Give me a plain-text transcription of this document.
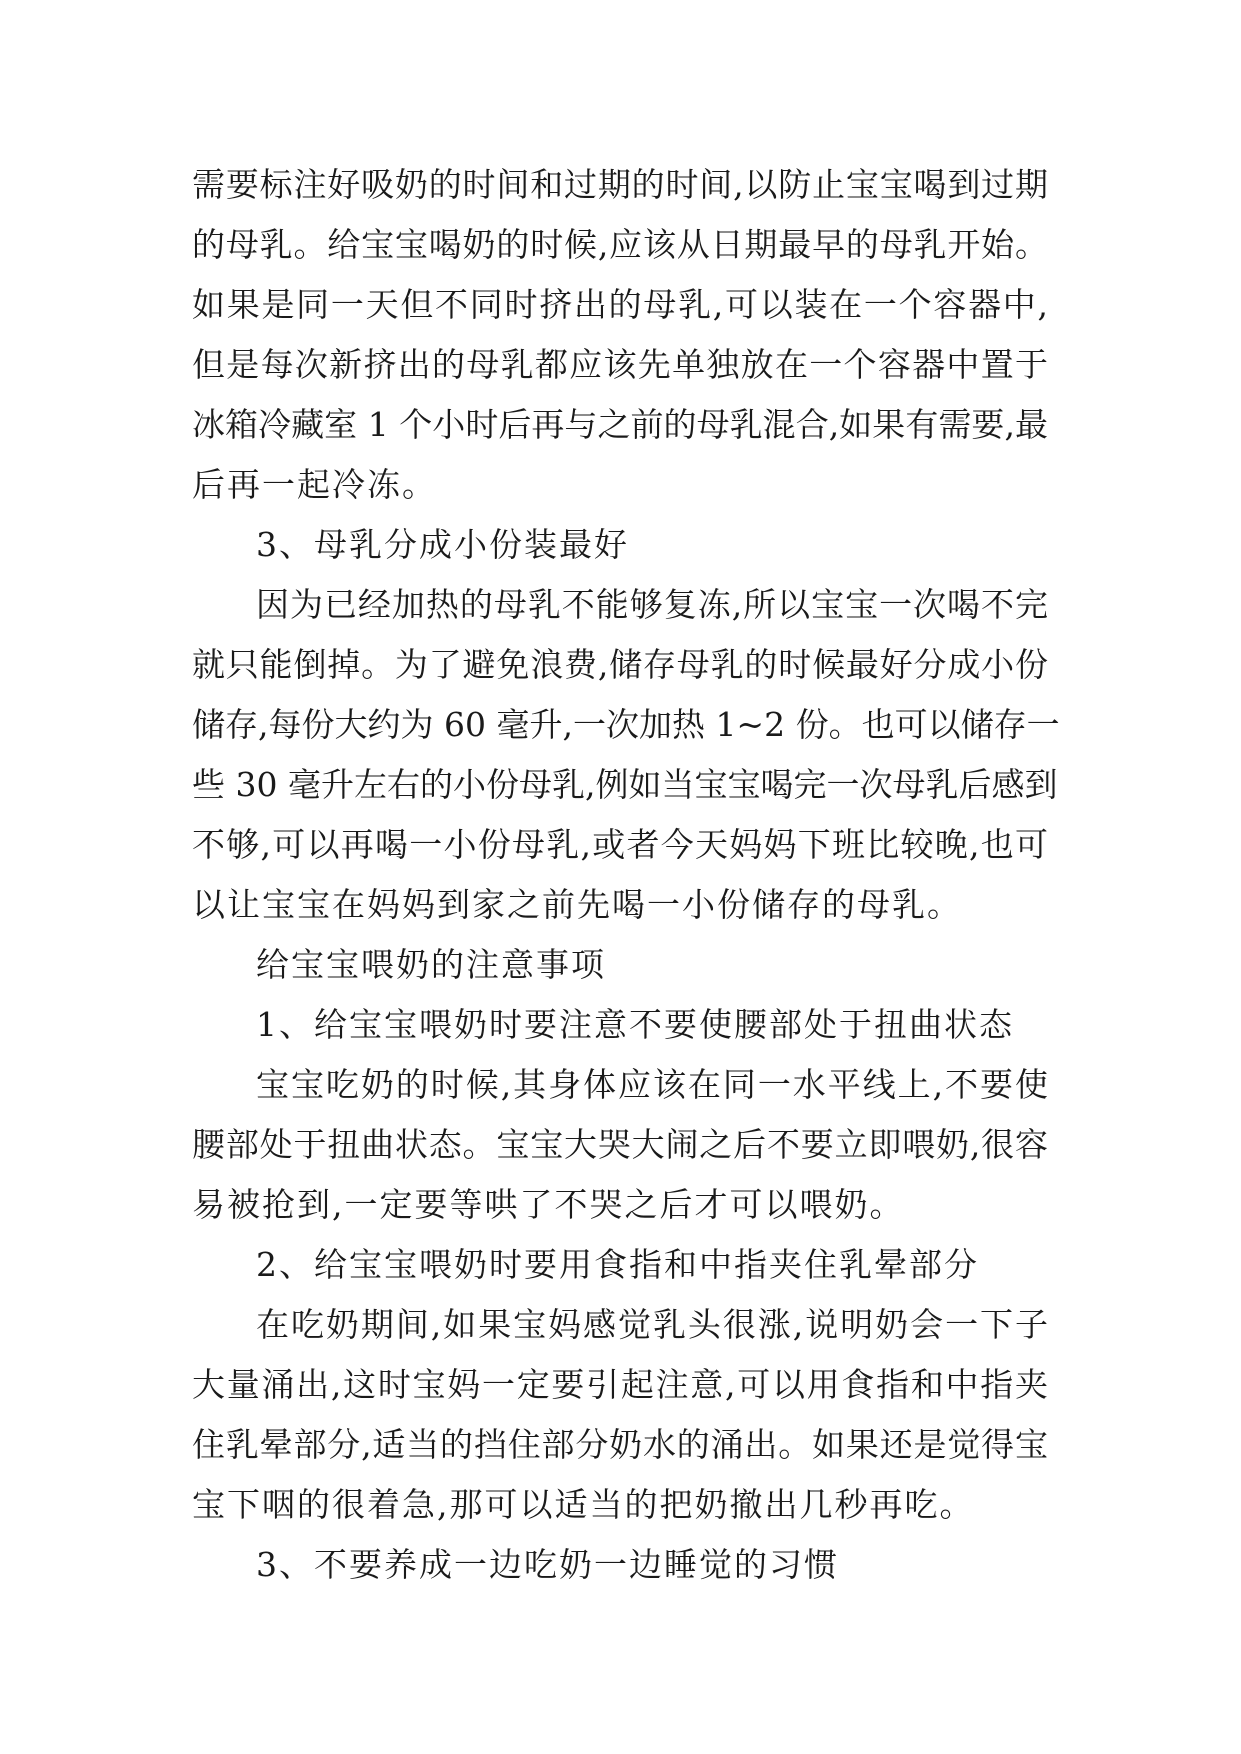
需要标注好吸奶的时间和过期的时间,以防止宝宝喝到过期
的母乳。给宝宝喝奶的时候,应该从日期最早的母乳开始。
如果是同一天但不同时挤出的母乳,可以装在一个容器中,
但是每次新挤出的母乳都应该先单独放在一个容器中置于
冰箱冷藏室 1 个小时后再与之前的母乳混合,如果有需要,最
后再一起冷冻。
3、母乳分成小份装最好
因为已经加热的母乳不能够复冻,所以宝宝一次喝不完
就只能倒掉。为了避免浪费,储存母乳的时候最好分成小份
储存,每份大约为 60 毫升,一次加热 1~2 份。也可以储存一
些 30 毫升左右的小份母乳,例如当宝宝喝完一次母乳后感到
不够,可以再喝一小份母乳,或者今天妈妈下班比较晚,也可
以让宝宝在妈妈到家之前先喝一小份储存的母乳。
给宝宝喂奶的注意事项
1、给宝宝喂奶时要注意不要使腰部处于扭曲状态
宝宝吃奶的时候,其身体应该在同一水平线上,不要使
腰部处于扭曲状态。宝宝大哭大闹之后不要立即喂奶,很容
易被抢到,一定要等哄了不哭之后才可以喂奶。
2、给宝宝喂奶时要用食指和中指夹住乳晕部分
在吃奶期间,如果宝妈感觉乳头很涨,说明奶会一下子
大量涌出,这时宝妈一定要引起注意,可以用食指和中指夹
住乳晕部分,适当的挡住部分奶水的涌出。如果还是觉得宝
宝下咽的很着急,那可以适当的把奶撤出几秒再吃。
3、不要养成一边吃奶一边睡觉的习惯
